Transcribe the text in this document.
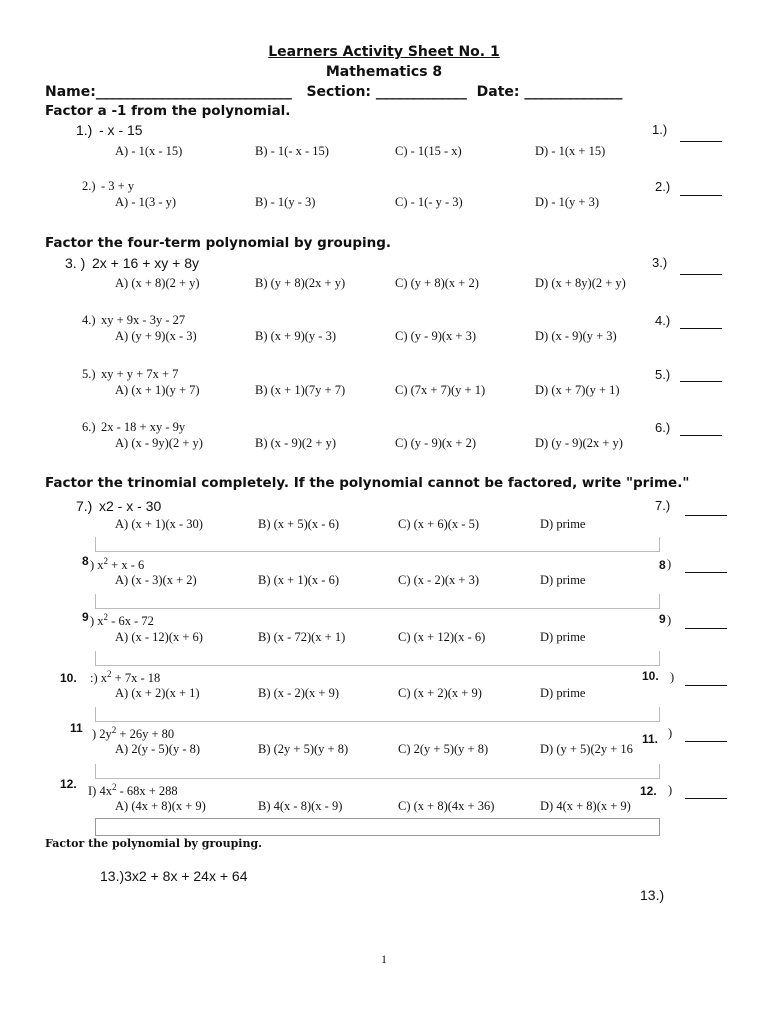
Learners Activity Sheet No. 1
Mathematics 8
Name:____________________________   Section: _____________  Date: ______________
Factor a -1 from the polynomial.
1.) - x - 15
A) - 1(x - 15)	B) - 1(- x - 15)	C) - 1(15 - x)	D) - 1(x + 15)
1.)
2.) - 3 + y
A) - 1(3 - y)	B) - 1(y - 3)	C) - 1(- y - 3)	D) - 1(y + 3)
2.)
Factor the four-term polynomial by grouping.
3. ) 2x + 16 + xy + 8y
A) (x + 8)(2 + y)	B) (y + 8)(2x + y)	C) (y + 8)(x + 2)	D) (x + 8y)(2 + y)
3.)
4.) xy + 9x - 3y - 27
A) (y + 9)(x - 3)	B) (x + 9)(y - 3)	C) (y - 9)(x + 3)	D) (x - 9)(y + 3)
4.)
5.) xy + y + 7x + 7
A) (x + 1)(y + 7)	B) (x + 1)(7y + 7)	C) (7x + 7)(y + 1)	D) (x + 7)(y + 1)
5.)
6.) 2x - 18 + xy - 9y
A) (x - 9y)(2 + y)	B) (x - 9)(2 + y)	C) (y - 9)(x + 2)	D) (y - 9)(2x + y)
6.)
Factor the trinomial completely. If the polynomial cannot be factored, write "prime."
7.) x2 - x - 30
A) (x + 1)(x - 30)	B) (x + 5)(x - 6)	C) (x + 6)(x - 5)	D) prime
7.)
8 ) $x^2 + x - 6$
A) (x - 3)(x + 2)	B) (x + 1)(x - 6)	C) (x - 2)(x + 3)	D) prime
8 )
9 ) $x^2 - 6x - 72$
A) (x - 12)(x + 6)	B) (x - 72)(x + 1)	C) (x + 12)(x - 6)	D) prime
9 )
10. :) $x^2 + 7x - 18$
A) (x + 2)(x + 1)	B) (x - 2)(x + 9)	C) (x + 2)(x + 9)	D) prime
10. )
11 ) $2y^2 + 26y + 80$
A) 2(y - 5)(y - 8)	B) (2y + 5)(y + 8)	C) 2(y + 5)(y + 8)	D) (y + 5)(2y + 16
11. )
12.
I) $4x^2 - 68x + 288$
A) (4x + 8)(x + 9)	B) 4(x - 8)(x - 9)	C) (x + 8)(4x + 36)	D) 4(x + 8)(x + 9)
12. )
Factor the polynomial by grouping.
13.)3x2 + 8x + 24x + 64
13.)
1
